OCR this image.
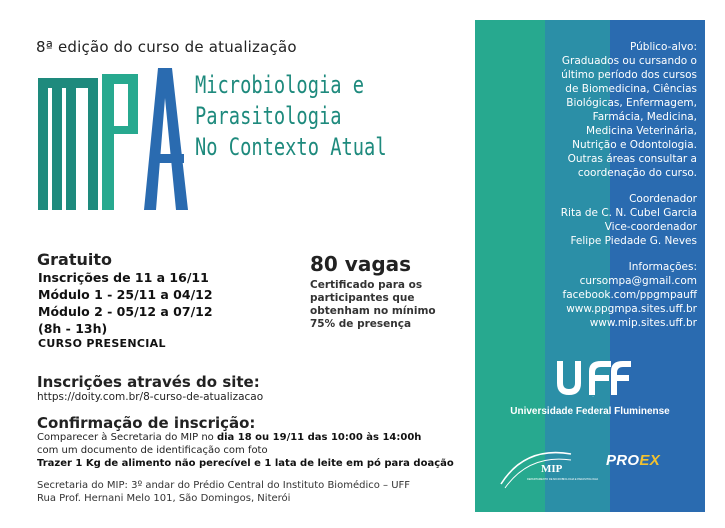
8ª edição do curso de atualização
Microbiologia e
Parasitologia
No Contexto Atual
Gratuito
Inscrições de 11 a 16/11
Módulo 1 - 25/11 a 04/12
Módulo 2 - 05/12 a 07/12
(8h - 13h)
CURSO PRESENCIAL
80 vagas
Certificado para os
participantes que
obtenham no mínimo
75% de presença
Inscrições através do site:
https://doity.com.br/8-curso-de-atualizacao
Confirmação de inscrição:
Comparecer à Secretaria do MIP no dia 18 ou 19/11 das 10:00 às 14:00h
com um documento de identificação com foto
Trazer 1 Kg de alimento não perecível e 1 lata de leite em pó para doação
Secretaria do MIP: 3º andar do Prédio Central do Instituto Biomédico – UFF
Rua Prof. Hernani Melo 101, São Domingos, Niterói
Público-alvo:
Graduados ou cursando o
último período dos cursos
de Biomedicina, Ciências
Biológicas, Enfermagem,
Farmácia, Medicina,
Medicina Veterinária,
Nutrição e Odontologia.
Outras áreas consultar a
coordenação do curso.
Coordenador
Rita de C. N. Cubel Garcia
Vice-coordenador
Felipe Piedade G. Neves
Informações:
cursompa@gmail.com
facebook.com/ppgmpauff
www.ppgmpa.sites.uff.br
www.mip.sites.uff.br
uff
Universidade Federal Fluminense
MIP
DEPARTAMENTO DE MICROBIOLOGIA E PARASITOLOGIA
PROEX
